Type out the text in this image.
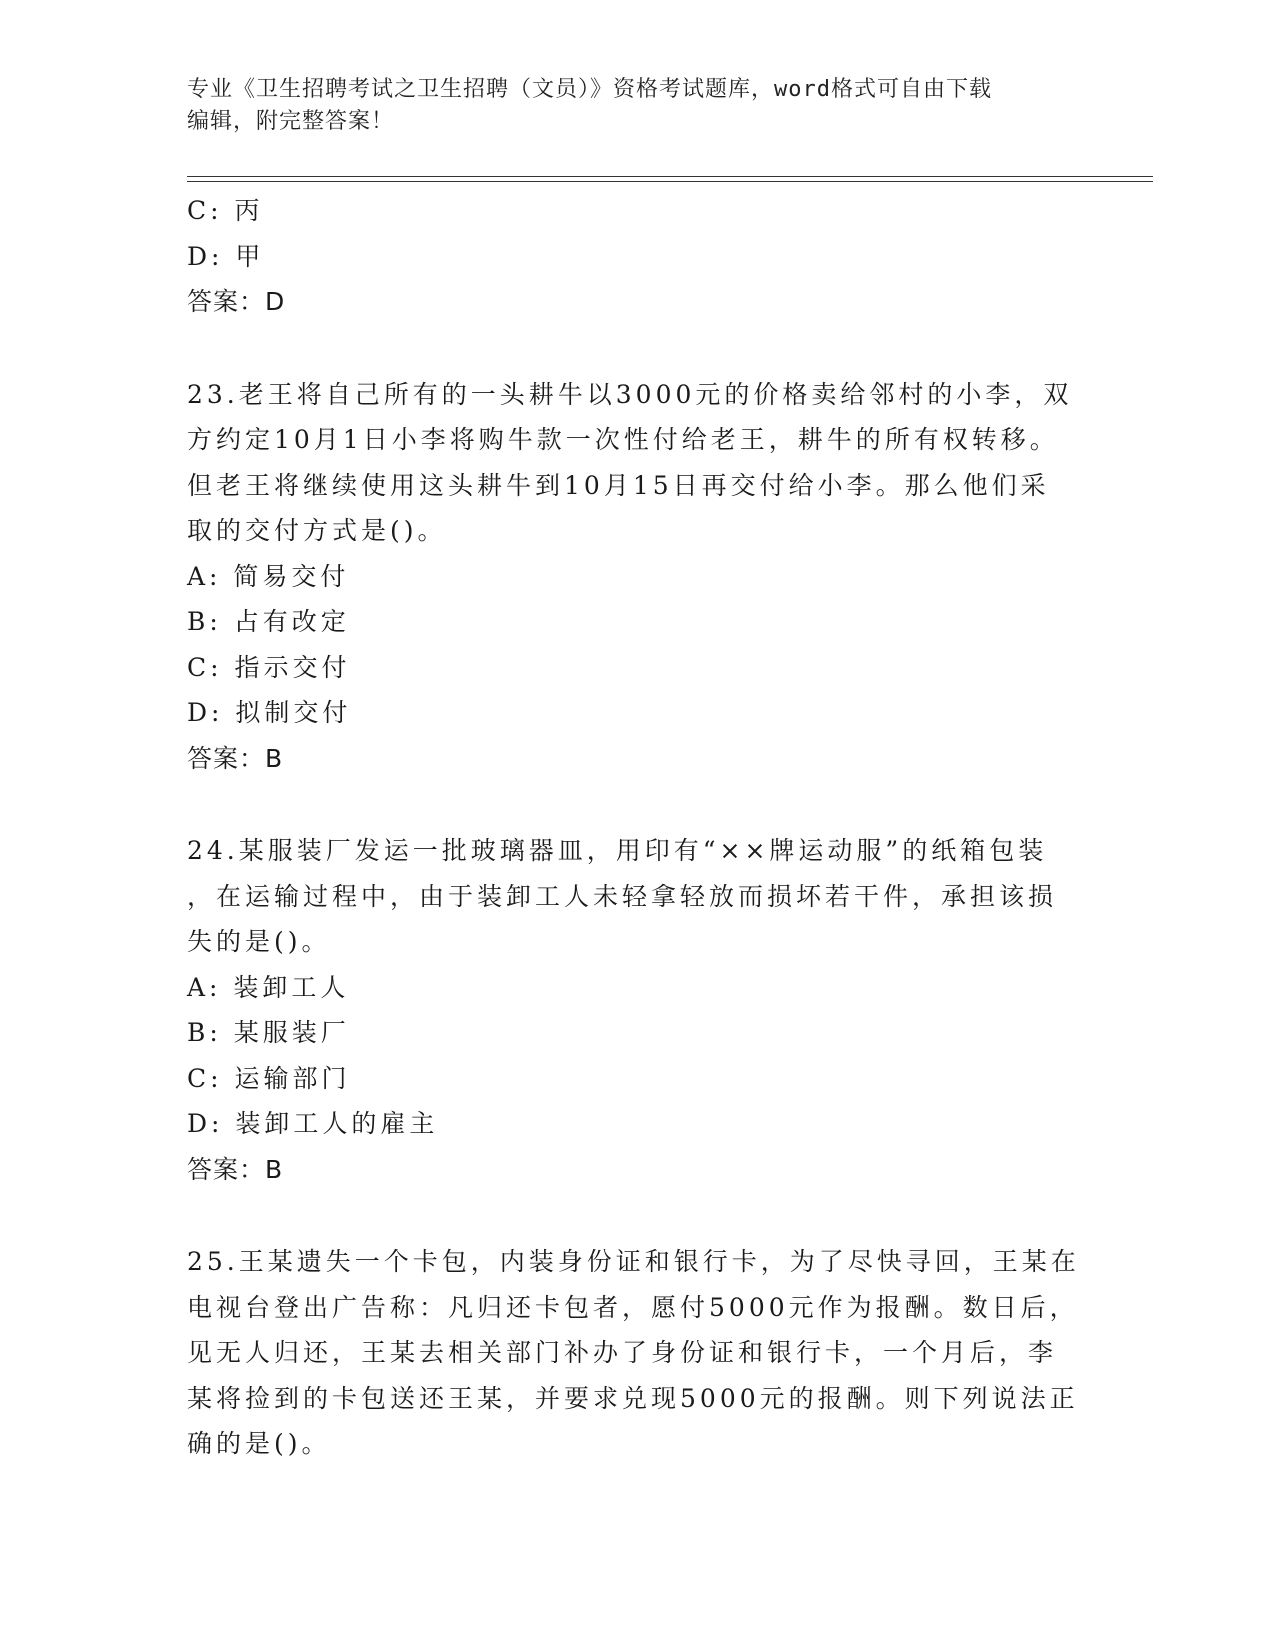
专业《卫生招聘考试之卫生招聘（文员）》资格考试题库，word格式可自由下载
编辑，附完整答案！
C: 丙
D: 甲
答案：D
23.老王将自己所有的一头耕牛以3000元的价格卖给邻村的小李，双
方约定10月1日小李将购牛款一次性付给老王，耕牛的所有权转移。
但老王将继续使用这头耕牛到10月15日再交付给小李。那么他们采
取的交付方式是()。
A: 简易交付
B: 占有改定
C: 指示交付
D: 拟制交付
答案：B
24.某服装厂发运一批玻璃器皿，用印有“××牌运动服”的纸箱包装
，在运输过程中，由于装卸工人未轻拿轻放而损坏若干件，承担该损
失的是()。
A: 装卸工人
B: 某服装厂
C: 运输部门
D: 装卸工人的雇主
答案：B
25.王某遗失一个卡包，内装身份证和银行卡，为了尽快寻回，王某在
电视台登出广告称：凡归还卡包者，愿付5000元作为报酬。数日后，
见无人归还，王某去相关部门补办了身份证和银行卡，一个月后，李
某将捡到的卡包送还王某，并要求兑现5000元的报酬。则下列说法正
确的是()。
